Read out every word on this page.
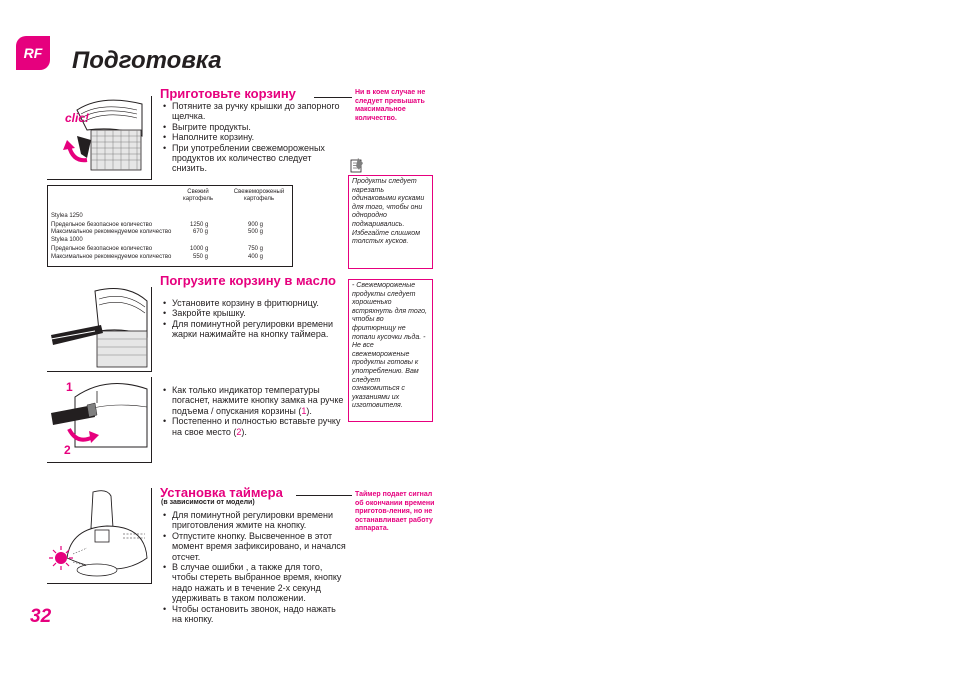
RF Подготовка
clic!
Приготовьте корзину
• Потяните за ручку крышки до запорного щелчка.
• Выгрите продукты.
• Наполните корзину.
• При употреблении свежемороженых продуктов их количество следует снизить.
Ни в коем случае не следует превышать максимальное количество.
Продукты следует нарезать одинаковыми кусками для того, чтобы они однородно поджаривались. Избегайте слишком толстых кусков.
Свежий картофель
Свежемороженый картофель
Stylea 1250
Предельное безопасное количество	1250 g	900 g
Максимальное рекомендуемое количество	670 g	500 g
Stylea 1000
Предельное безопасное количество	1000 g	750 g
Максимальное рекомендуемое количество	550 g	400 g
1
2
Погрузите корзину в масло
• Установите корзину в фритюрницу.
• Закройте крышку.
• Для поминутной регулировки времени жарки нажимайте на кнопку таймера.
• Как только индикатор температуры погаснет, нажмите кнопку замка на ручке подъема / опускания корзины (1).
• Постепенно и полностью вставьте ручку на свое место (2).
- Свежемороженые продукты следует хорошенько встряхнуть для того, чтобы во фритюрницу не попали кусочки льда. - Не все свежемороженые продукты готовы к употреблению. Вам следует ознакомиться с указаниями их изготовителя.
Установка таймера
(в зависимости от модели)
• Для поминутной регулировки времени приготовления жмите на кнопку.
• Отпустите кнопку. Высвеченное в этот момент время зафиксировано, и начался отсчет.
• В случае ошибки , а также для того, чтобы стереть выбранное время, кнопку надо нажать и в течение 2-х секунд удерживать в таком положении.
• Чтобы остановить звонок, надо нажать на кнопку.
Таймер подает сигнал об окончании времени приготов-ления, но не останавливает работу аппарата.
32
